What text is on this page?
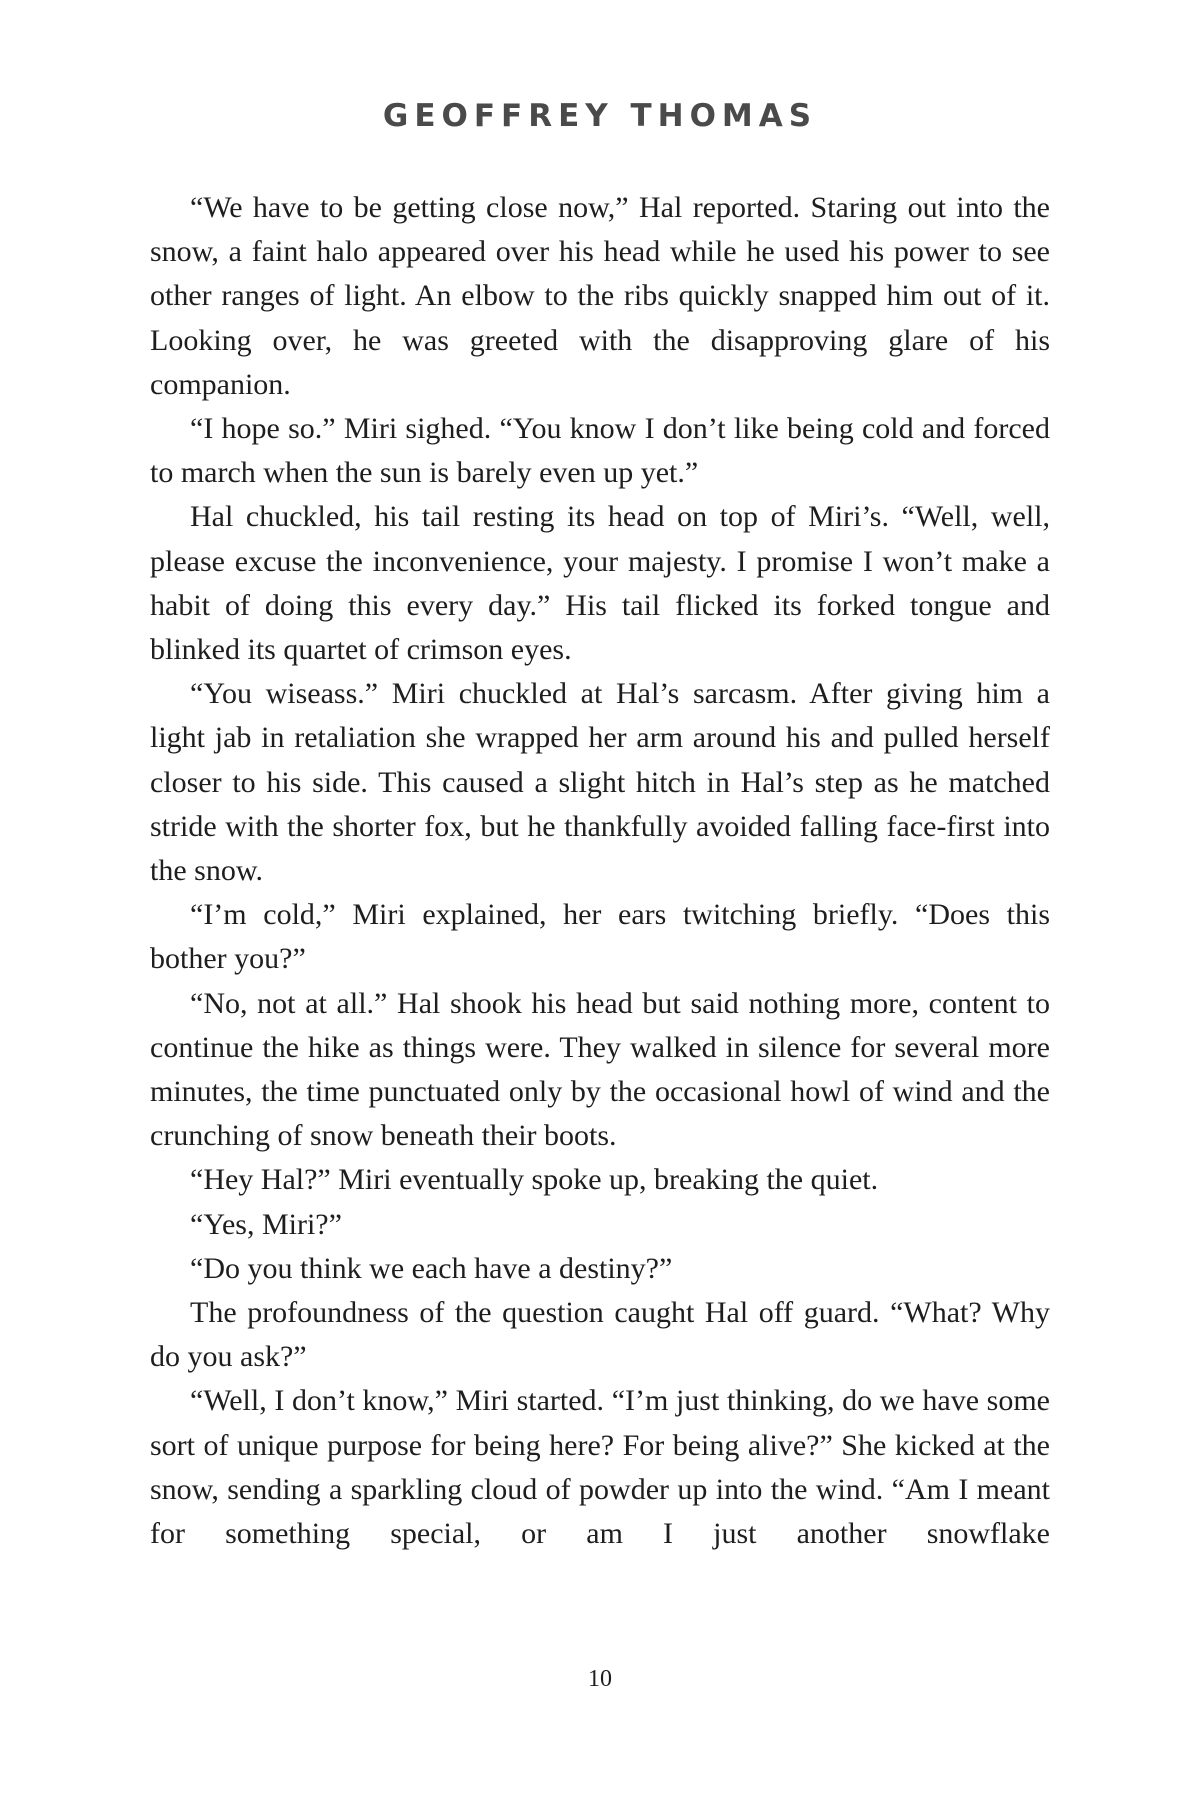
GEOFFREY THOMAS

“We have to be getting close now,” Hal reported. Staring out into the snow, a faint halo appeared over his head while he used his power to see other ranges of light. An elbow to the ribs quickly snapped him out of it. Looking over, he was greeted with the disapproving glare of his companion.

“I hope so.” Miri sighed. “You know I don’t like being cold and forced to march when the sun is barely even up yet.”

Hal chuckled, his tail resting its head on top of Miri’s. “Well, well, please excuse the inconvenience, your majesty. I promise I won’t make a habit of doing this every day.” His tail flicked its forked tongue and blinked its quartet of crimson eyes.

“You wiseass.” Miri chuckled at Hal’s sarcasm. After giving him a light jab in retaliation she wrapped her arm around his and pulled herself closer to his side. This caused a slight hitch in Hal’s step as he matched stride with the shorter fox, but he thankfully avoided falling face-first into the snow.

“I’m cold,” Miri explained, her ears twitching briefly. “Does this bother you?”

“No, not at all.” Hal shook his head but said nothing more, content to continue the hike as things were. They walked in silence for several more minutes, the time punctuated only by the occasional howl of wind and the crunching of snow beneath their boots.

“Hey Hal?” Miri eventually spoke up, breaking the quiet.

“Yes, Miri?”

“Do you think we each have a destiny?”

The profoundness of the question caught Hal off guard. “What? Why do you ask?”

“Well, I don’t know,” Miri started. “I’m just thinking, do we have some sort of unique purpose for being here? For being alive?” She kicked at the snow, sending a sparkling cloud of powder up into the wind. “Am I meant for something special, or am I just another snowflake

10
